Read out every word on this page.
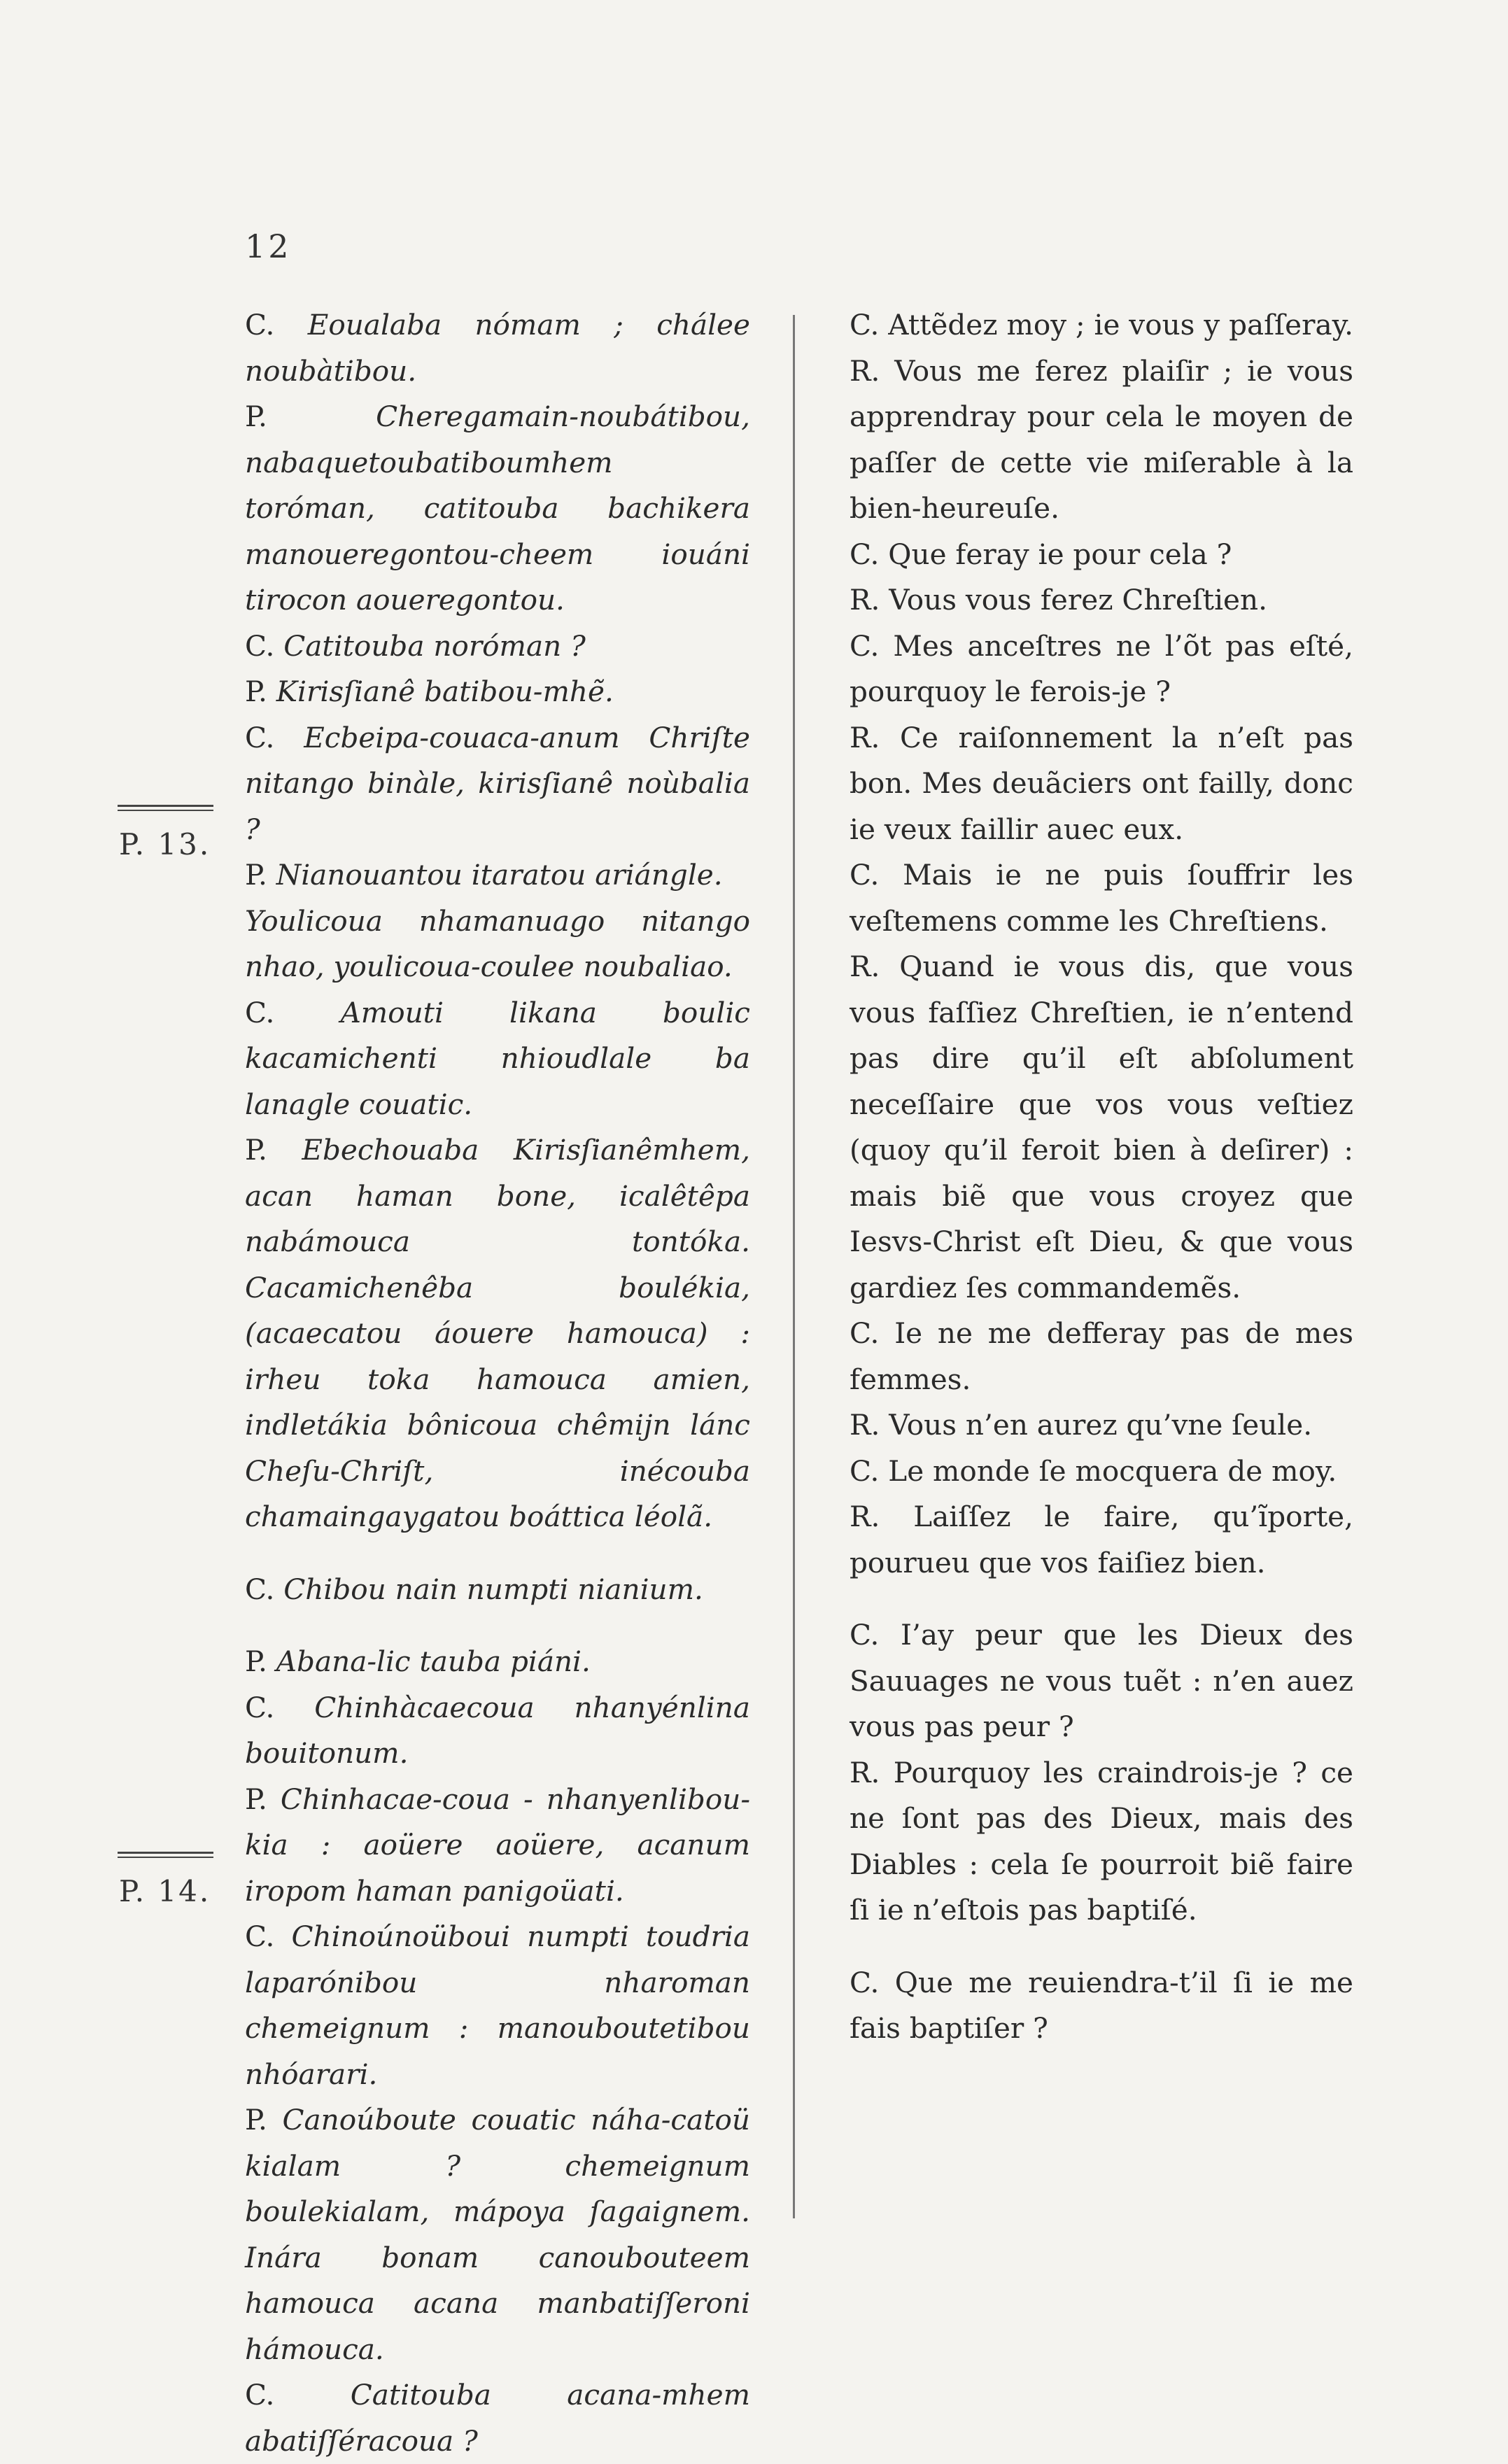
12
P. 13.
P. 14.

C. Eoualaba nómam ; chálee noubàtibou.

P.	Cheregamain-noubátibou, nabaquetoubatiboumhem toróman, catitouba bachikera manoueregontou-cheem iouáni tirocon aoueregontou.

C. Catitouba noróman ?

P. Kirisſianê batibou-mhẽ.

C. Ecbeipa-couaca-anum Chriſte nitango binàle, kirisſianê noùbalia ?

P. Nianouantou itaratou ariángle.

Youlicoua nhamanuago nitango nhao, youlicoua-coulee noubaliao.

C. Amouti likana boulic kacamichenti nhioudlale ba lanagle couatic.

P. Ebechouaba Kirisſianêmhem, acan haman bone, icalêtêpa nabámouca tontóka. Cacamichenêba boulékia, (acaecatou áouere hamouca) : irheu toka hamouca amien, indletákia bônicoua chêmijn lánc Cheſu-Chriſt, inécouba chamaingaygatou boáttica léolã.

C. Chibou nain numpti nianium.

P. Abana-lic tauba piáni.

C. Chinhàcaecoua nhanyénlina bouitonum.

P. Chinhacae-coua - nhanyenlibou-kia : aoüere aoüere, acanum iropom haman panigoüati.

C. Chinoúnoüboui numpti toudria laparónibou nharoman chemeignum : manouboutetibou nhóarari.

P. Canoúboute couatic náha-catoü kialam ? chemeignum boulekialam, mápoya ſagaignem. Inára bonam canoubouteem hamouca acana manbatiſſeroni hámouca.

C.	Catitouba acana-mhem abatiſſéracoua ?

C. Attẽdez moy ; ie vous y paſſeray.

R. Vous me ferez plaiſir ; ie vous apprendray pour cela le moyen de paſſer de cette vie miſerable à la bien-heureuſe.

C. Que feray ie pour cela ?

R. Vous vous ferez Chreſtien.

C. Mes anceſtres ne l’õt pas eſté, pourquoy le ferois-je ?

R. Ce raiſonnement la n’eſt pas bon. Mes deuãciers ont failly, donc ie veux faillir auec eux.

C. Mais ie ne puis ſouffrir les veſtemens comme les Chreſtiens.

R. Quand ie vous dis, que vous vous faſſiez Chreſtien, ie n’entend pas dire qu’il eſt abſolument neceſſaire que vos vous veſtiez (quoy qu’il feroit bien à deſirer) : mais biẽ que vous croyez que Iesvs-Christ eſt Dieu, & que vous gardiez ſes commandemẽs.

C. Ie ne me defferay pas de mes femmes.

R. Vous n’en aurez qu’vne ſeule.

C. Le monde ſe mocquera de moy.

R. Laiſſez le faire, qu’ĩporte, pourueu que vos faiſiez bien.

C. I’ay peur que les Dieux des Sauuages ne vous tuẽt : n’en auez vous pas peur ?

R. Pourquoy les craindrois-je ? ce ne ſont pas des Dieux, mais des Diables : cela ſe pourroit biẽ faire ſi ie n’eſtois pas baptiſé.

C. Que me reuiendra-t’il ſi ie me fais baptiſer ?
